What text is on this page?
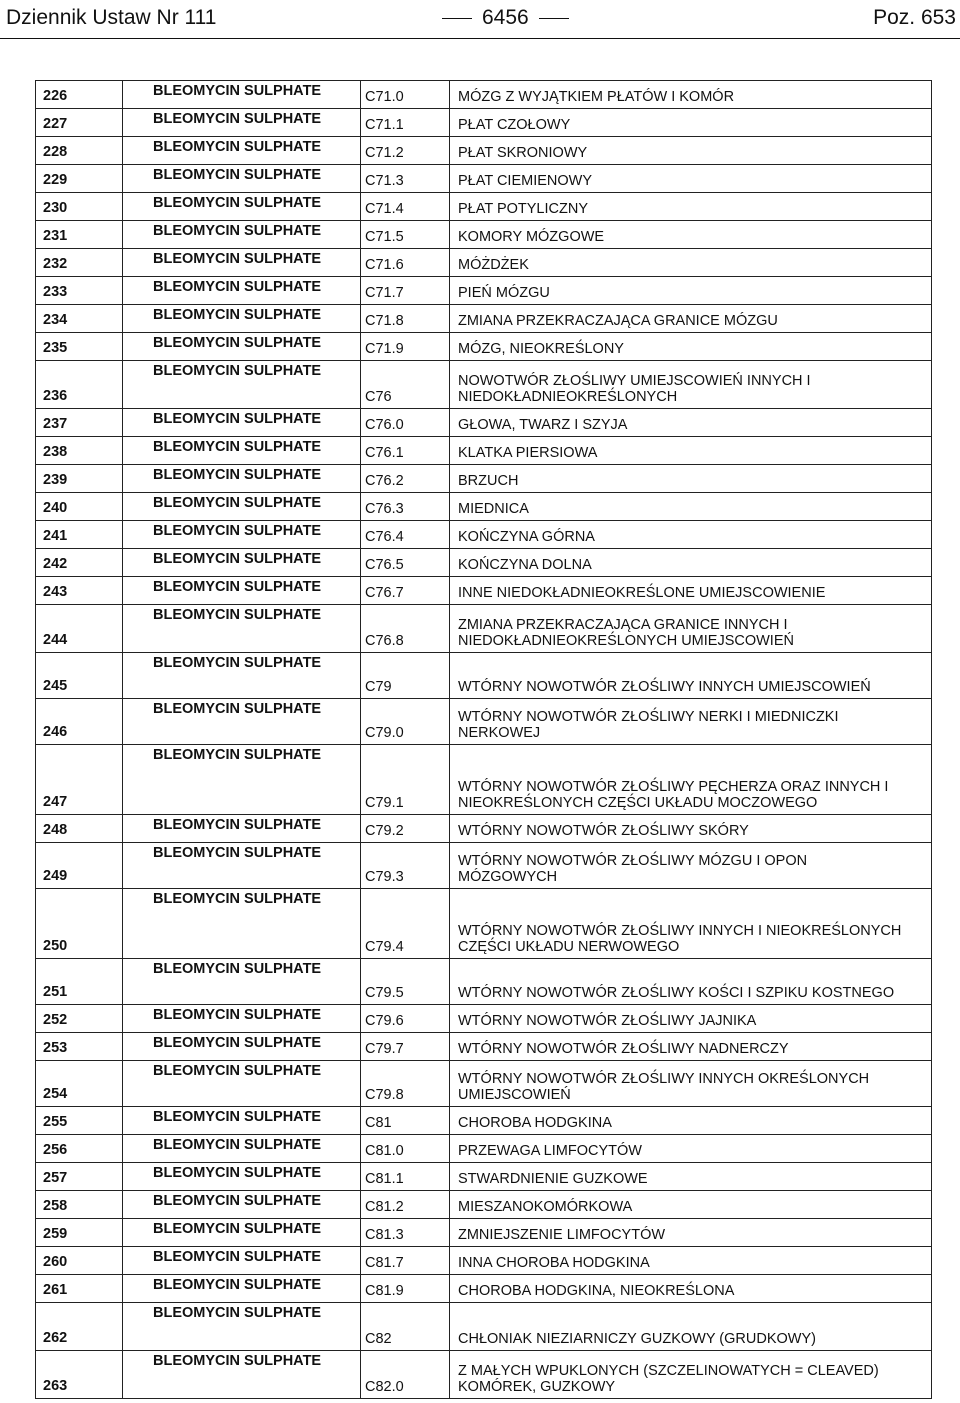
Dziennik Ustaw Nr 111	6456	Poz. 653
226	BLEOMYCIN SULPHATE	C71.0	MÓZG Z WYJĄTKIEM PŁATÓW I KOMÓR

227	BLEOMYCIN SULPHATE	C71.1	PŁAT CZOŁOWY

228	BLEOMYCIN SULPHATE	C71.2	PŁAT SKRONIOWY

229	BLEOMYCIN SULPHATE	C71.3	PŁAT CIEMIENOWY

230	BLEOMYCIN SULPHATE	C71.4	PŁAT POTYLICZNY

231	BLEOMYCIN SULPHATE	C71.5	KOMORY MÓZGOWE

232	BLEOMYCIN SULPHATE	C71.6	MÓŻDŻEK

233	BLEOMYCIN SULPHATE	C71.7	PIEŃ MÓZGU

234	BLEOMYCIN SULPHATE	C71.8	ZMIANA PRZEKRACZAJĄCA GRANICE MÓZGU

235	BLEOMYCIN SULPHATE	C71.9	MÓZG, NIEOKREŚLONY

236	BLEOMYCIN SULPHATE	C76	NOWOTWÓR ZŁOŚLIWY UMIEJSCOWIEŃ INNYCH I
NIEDOKŁADNIEOKREŚLONYCH

237	BLEOMYCIN SULPHATE	C76.0	GŁOWA, TWARZ I SZYJA

238	BLEOMYCIN SULPHATE	C76.1	KLATKA PIERSIOWA

239	BLEOMYCIN SULPHATE	C76.2	BRZUCH

240	BLEOMYCIN SULPHATE	C76.3	MIEDNICA

241	BLEOMYCIN SULPHATE	C76.4	KOŃCZYNA GÓRNA

242	BLEOMYCIN SULPHATE	C76.5	KOŃCZYNA DOLNA

243	BLEOMYCIN SULPHATE	C76.7	INNE NIEDOKŁADNIEOKREŚLONE UMIEJSCOWIENIE

244	BLEOMYCIN SULPHATE	C76.8	ZMIANA PRZEKRACZAJĄCA GRANICE INNYCH I
NIEDOKŁADNIEOKREŚLONYCH UMIEJSCOWIEŃ

245	BLEOMYCIN SULPHATE	C79	WTÓRNY NOWOTWÓR ZŁOŚLIWY INNYCH UMIEJSCOWIEŃ

246	BLEOMYCIN SULPHATE	C79.0	WTÓRNY NOWOTWÓR ZŁOŚLIWY NERKI I MIEDNICZKI
NERKOWEJ

247	BLEOMYCIN SULPHATE	C79.1	WTÓRNY NOWOTWÓR ZŁOŚLIWY PĘCHERZA ORAZ INNYCH I
NIEOKREŚLONYCH CZĘŚCI UKŁADU MOCZOWEGO

248	BLEOMYCIN SULPHATE	C79.2	WTÓRNY NOWOTWÓR ZŁOŚLIWY SKÓRY

249	BLEOMYCIN SULPHATE	C79.3	WTÓRNY NOWOTWÓR ZŁOŚLIWY MÓZGU I OPON
MÓZGOWYCH

250	BLEOMYCIN SULPHATE	C79.4	WTÓRNY NOWOTWÓR ZŁOŚLIWY INNYCH I NIEOKREŚLONYCH
CZĘŚCI UKŁADU NERWOWEGO

251	BLEOMYCIN SULPHATE	C79.5	WTÓRNY NOWOTWÓR ZŁOŚLIWY KOŚCI I SZPIKU KOSTNEGO

252	BLEOMYCIN SULPHATE	C79.6	WTÓRNY NOWOTWÓR ZŁOŚLIWY JAJNIKA

253	BLEOMYCIN SULPHATE	C79.7	WTÓRNY NOWOTWÓR ZŁOŚLIWY NADNERCZY

254	BLEOMYCIN SULPHATE	C79.8	WTÓRNY NOWOTWÓR ZŁOŚLIWY INNYCH OKREŚLONYCH
UMIEJSCOWIEŃ

255	BLEOMYCIN SULPHATE	C81	CHOROBA HODGKINA

256	BLEOMYCIN SULPHATE	C81.0	PRZEWAGA LIMFOCYTÓW

257	BLEOMYCIN SULPHATE	C81.1	STWARDNIENIE GUZKOWE

258	BLEOMYCIN SULPHATE	C81.2	MIESZANOKOMÓRKOWA

259	BLEOMYCIN SULPHATE	C81.3	ZMNIEJSZENIE LIMFOCYTÓW

260	BLEOMYCIN SULPHATE	C81.7	INNA CHOROBA HODGKINA

261	BLEOMYCIN SULPHATE	C81.9	CHOROBA HODGKINA, NIEOKREŚLONA

262	BLEOMYCIN SULPHATE	C82	CHŁONIAK NIEZIARNICZY GUZKOWY (GRUDKOWY)

263	BLEOMYCIN SULPHATE	C82.0	Z MAŁYCH WPUKLONYCH (SZCZELINOWATYCH = CLEAVED)
KOMÓREK, GUZKOWY
